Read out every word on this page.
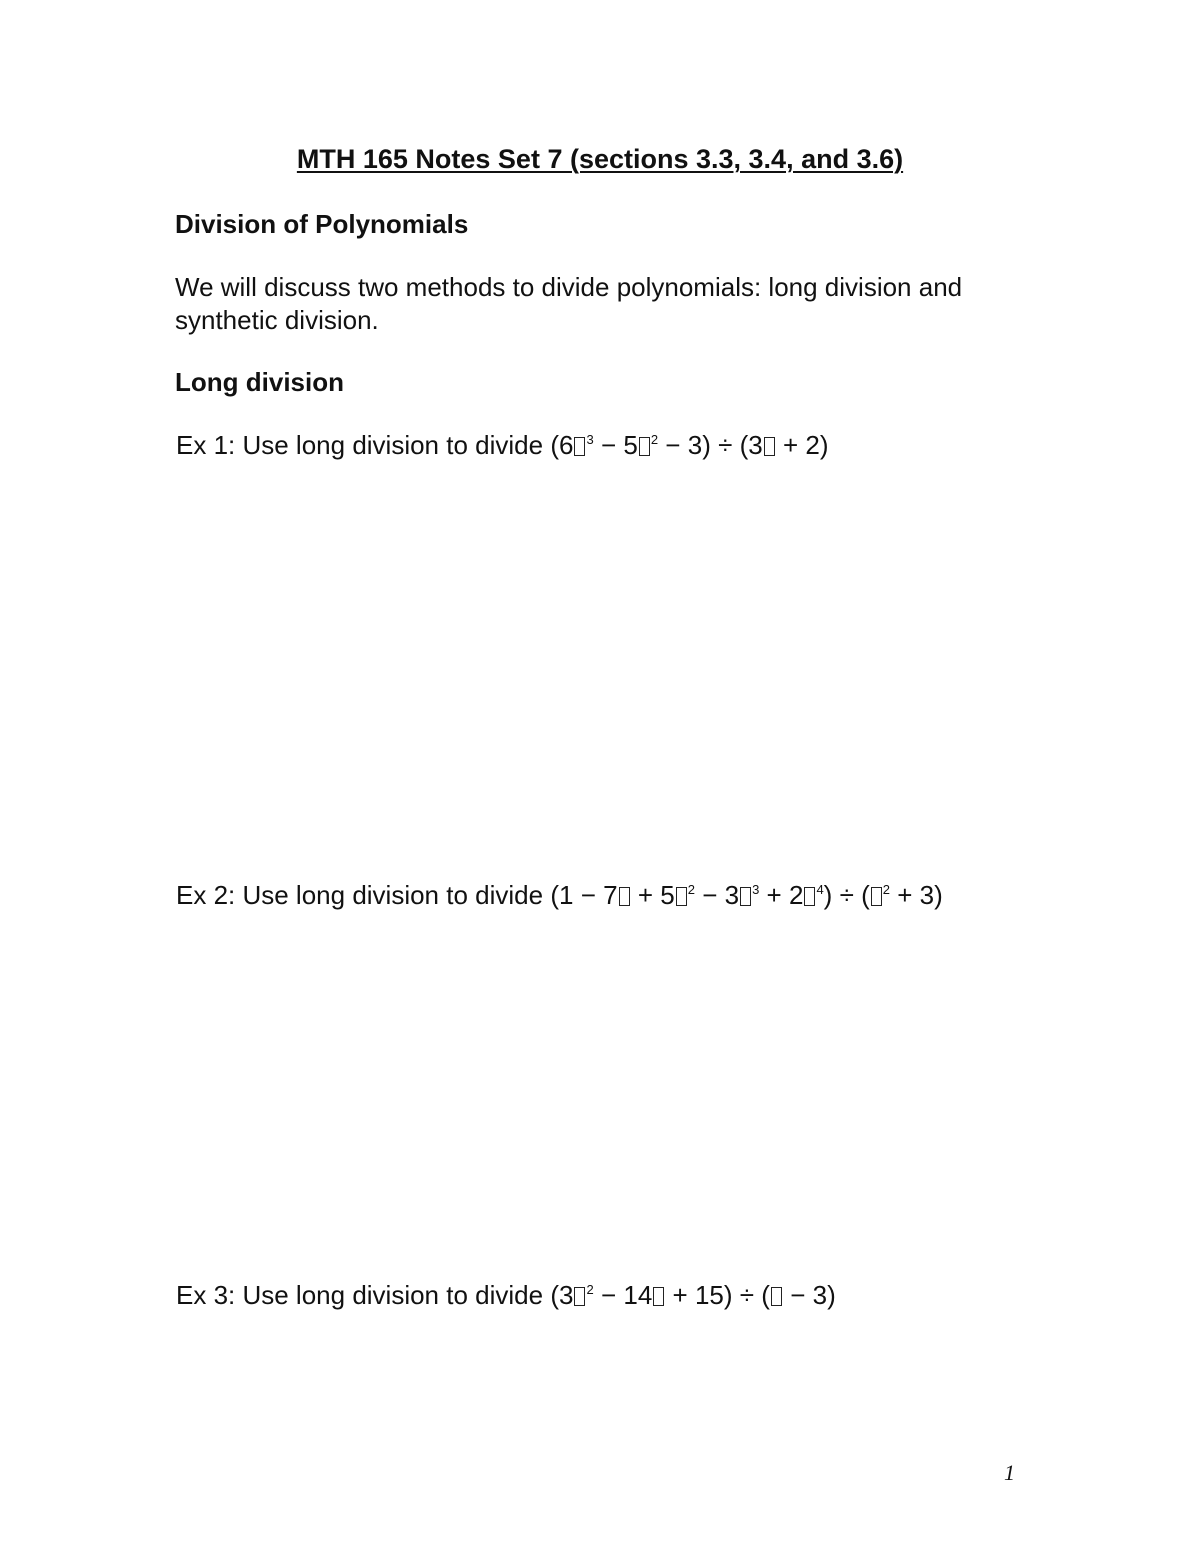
MTH 165 Notes Set 7 (sections 3.3, 3.4, and 3.6)
Division of Polynomials

We will discuss two methods to divide polynomials: long division and synthetic division.

Long division

Ex 1: Use long division to divide (6 $^3$ − 5 $^2$ − 3) ÷ (3 + 2)

Ex 2: Use long division to divide (1 − 7 + 5 $^2$ − 3 $^3$ + 2 $^4$) ÷ ( $^2$ + 3)

Ex 3: Use long division to divide (3 $^2$ − 14 + 15) ÷ ( − 3)

1
